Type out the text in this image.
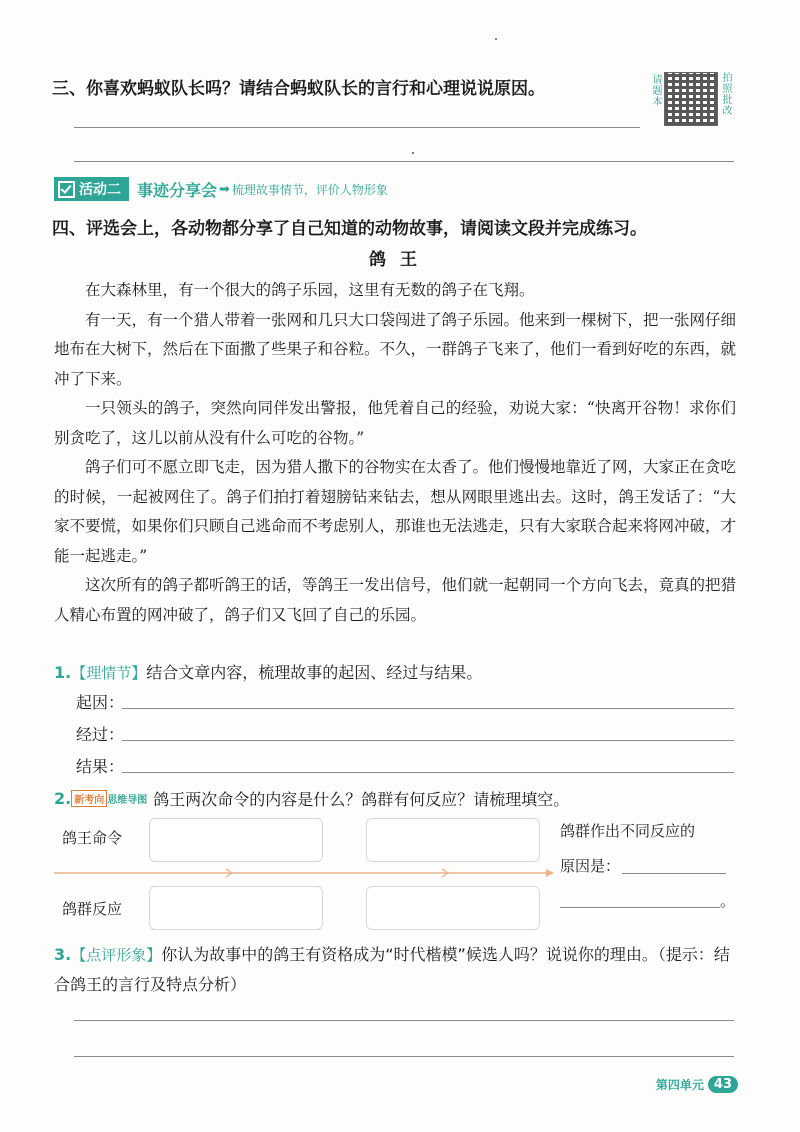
三、你喜欢蚂蚁队长吗？请结合蚂蚁队长的言行和心理说说原因。	请题本	拍照批改
活动二 事迹分享会 ➡ 梳理故事情节，评价人物形象
四、评选会上，各动物都分享了自己知道的动物故事，请阅读文段并完成练习。
鸽王

在大森林里，有一个很大的鸽子乐园，这里有无数的鸽子在飞翔。

有一天，有一个猎人带着一张网和几只大口袋闯进了鸽子乐园。他来到一棵树下，把一张网仔细地布在大树下，然后在下面撒了些果子和谷粒。不久，一群鸽子飞来了，他们一看到好吃的东西，就冲了下来。

一只领头的鸽子，突然向同伴发出警报，他凭着自己的经验，劝说大家：“快离开谷物！求你们别贪吃了，这儿以前从没有什么可吃的谷物。”

鸽子们可不愿立即飞走，因为猎人撒下的谷物实在太香了。他们慢慢地靠近了网，大家正在贪吃的时候，一起被网住了。鸽子们拍打着翅膀钻来钻去，想从网眼里逃出去。这时，鸽王发话了：“大家不要慌，如果你们只顾自己逃命而不考虑别人，那谁也无法逃走，只有大家联合起来将网冲破，才能一起逃走。”

这次所有的鸽子都听鸽王的话，等鸽王一发出信号，他们就一起朝同一个方向飞去，竟真的把猎人精心布置的网冲破了，鸽子们又飞回了自己的乐园。

1.【理情节】结合文章内容，梳理故事的起因、经过与结果。
起因：
经过：
结果：
2. 新考向 思维导图 鸽王两次命令的内容是什么？鸽群有何反应？请梳理填空。
鸽王命令
鸽群反应
鸽群作出不同反应的
原因是：
。
3.【点评形象】你认为故事中的鸽王有资格成为“时代楷模”候选人吗？说说你的理由。（提示：结合鸽王的言行及特点分析）
第四单元 43
